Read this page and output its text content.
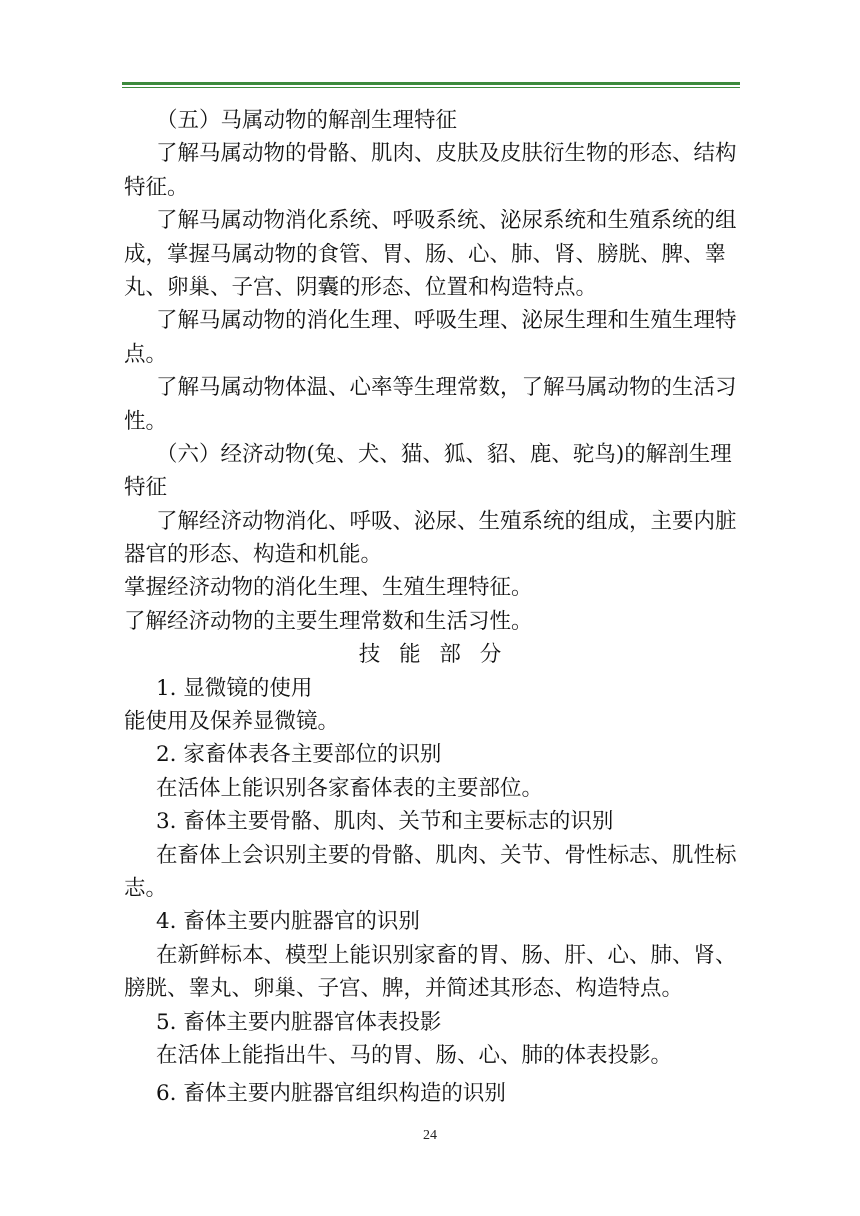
（五）马属动物的解剖生理特征
了解马属动物的骨骼、肌肉、皮肤及皮肤衍生物的形态、结构
特征。
了解马属动物消化系统、呼吸系统、泌尿系统和生殖系统的组
成，掌握马属动物的食管、胃、肠、心、肺、肾、膀胱、脾、睾
丸、卵巢、子宫、阴囊的形态、位置和构造特点。
了解马属动物的消化生理、呼吸生理、泌尿生理和生殖生理特
点。
了解马属动物体温、心率等生理常数，了解马属动物的生活习
性。
（六）经济动物(兔、犬、猫、狐、貂、鹿、驼鸟)的解剖生理
特征
了解经济动物消化、呼吸、泌尿、生殖系统的组成，主要内脏
器官的形态、构造和机能。
掌握经济动物的消化生理、生殖生理特征。
了解经济动物的主要生理常数和生活习性。
技 能 部 分
1. 显微镜的使用
能使用及保养显微镜。
2. 家畜体表各主要部位的识别
在活体上能识别各家畜体表的主要部位。
3. 畜体主要骨骼、肌肉、关节和主要标志的识别
在畜体上会识别主要的骨骼、肌肉、关节、骨性标志、肌性标
志。
4. 畜体主要内脏器官的识别
在新鲜标本、模型上能识别家畜的胃、肠、肝、心、肺、肾、
膀胱、睾丸、卵巢、子宫、脾，并简述其形态、构造特点。
5. 畜体主要内脏器官体表投影
在活体上能指出牛、马的胃、肠、心、肺的体表投影。
6. 畜体主要内脏器官组织构造的识别
24
